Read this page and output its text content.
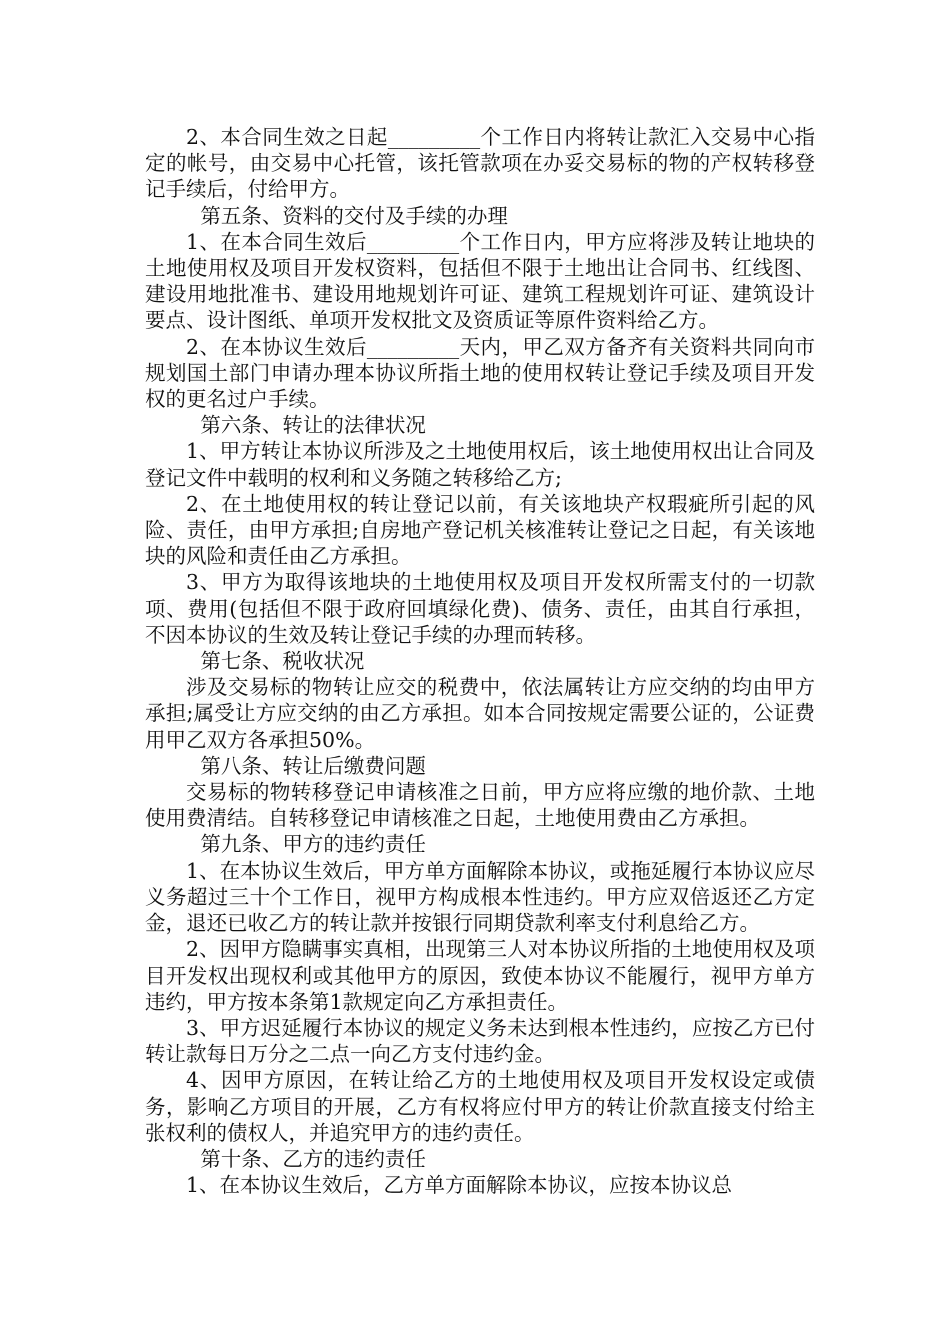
2、本合同生效之日起_________个工作日内将转让款汇入交易中心指定的帐号，由交易中心托管，该托管款项在办妥交易标的物的产权转移登记手续后，付给甲方。

第五条、资料的交付及手续的办理

1、在本合同生效后_________个工作日内，甲方应将涉及转让地块的土地使用权及项目开发权资料，包括但不限于土地出让合同书、红线图、建设用地批准书、建设用地规划许可证、建筑工程规划许可证、建筑设计要点、设计图纸、单项开发权批文及资质证等原件资料给乙方。

2、在本协议生效后_________天内，甲乙双方备齐有关资料共同向市规划国土部门申请办理本协议所指土地的使用权转让登记手续及项目开发权的更名过户手续。

第六条、转让的法律状况

1、甲方转让本协议所涉及之土地使用权后，该土地使用权出让合同及登记文件中载明的权利和义务随之转移给乙方;

2、在土地使用权的转让登记以前，有关该地块产权瑕疵所引起的风险、责任，由甲方承担;自房地产登记机关核准转让登记之日起，有关该地块的风险和责任由乙方承担。

3、甲方为取得该地块的土地使用权及项目开发权所需支付的一切款项、费用(包括但不限于政府回填绿化费)、债务、责任，由其自行承担，不因本协议的生效及转让登记手续的办理而转移。

第七条、税收状况

涉及交易标的物转让应交的税费中，依法属转让方应交纳的均由甲方承担;属受让方应交纳的由乙方承担。如本合同按规定需要公证的，公证费用甲乙双方各承担50%。

第八条、转让后缴费问题

交易标的物转移登记申请核准之日前，甲方应将应缴的地价款、土地使用费清结。自转移登记申请核准之日起，土地使用费由乙方承担。

第九条、甲方的违约责任

1、在本协议生效后，甲方单方面解除本协议，或拖延履行本协议应尽义务超过三十个工作日，视甲方构成根本性违约。甲方应双倍返还乙方定金，退还已收乙方的转让款并按银行同期贷款利率支付利息给乙方。

2、因甲方隐瞒事实真相，出现第三人对本协议所指的土地使用权及项目开发权出现权利或其他甲方的原因，致使本协议不能履行，视甲方单方违约，甲方按本条第1款规定向乙方承担责任。

3、甲方迟延履行本协议的规定义务未达到根本性违约，应按乙方已付转让款每日万分之二点一向乙方支付违约金。

4、因甲方原因，在转让给乙方的土地使用权及项目开发权设定或债务，影响乙方项目的开展，乙方有权将应付甲方的转让价款直接支付给主张权利的债权人，并追究甲方的违约责任。

第十条、乙方的违约责任

1、在本协议生效后，乙方单方面解除本协议，应按本协议总
